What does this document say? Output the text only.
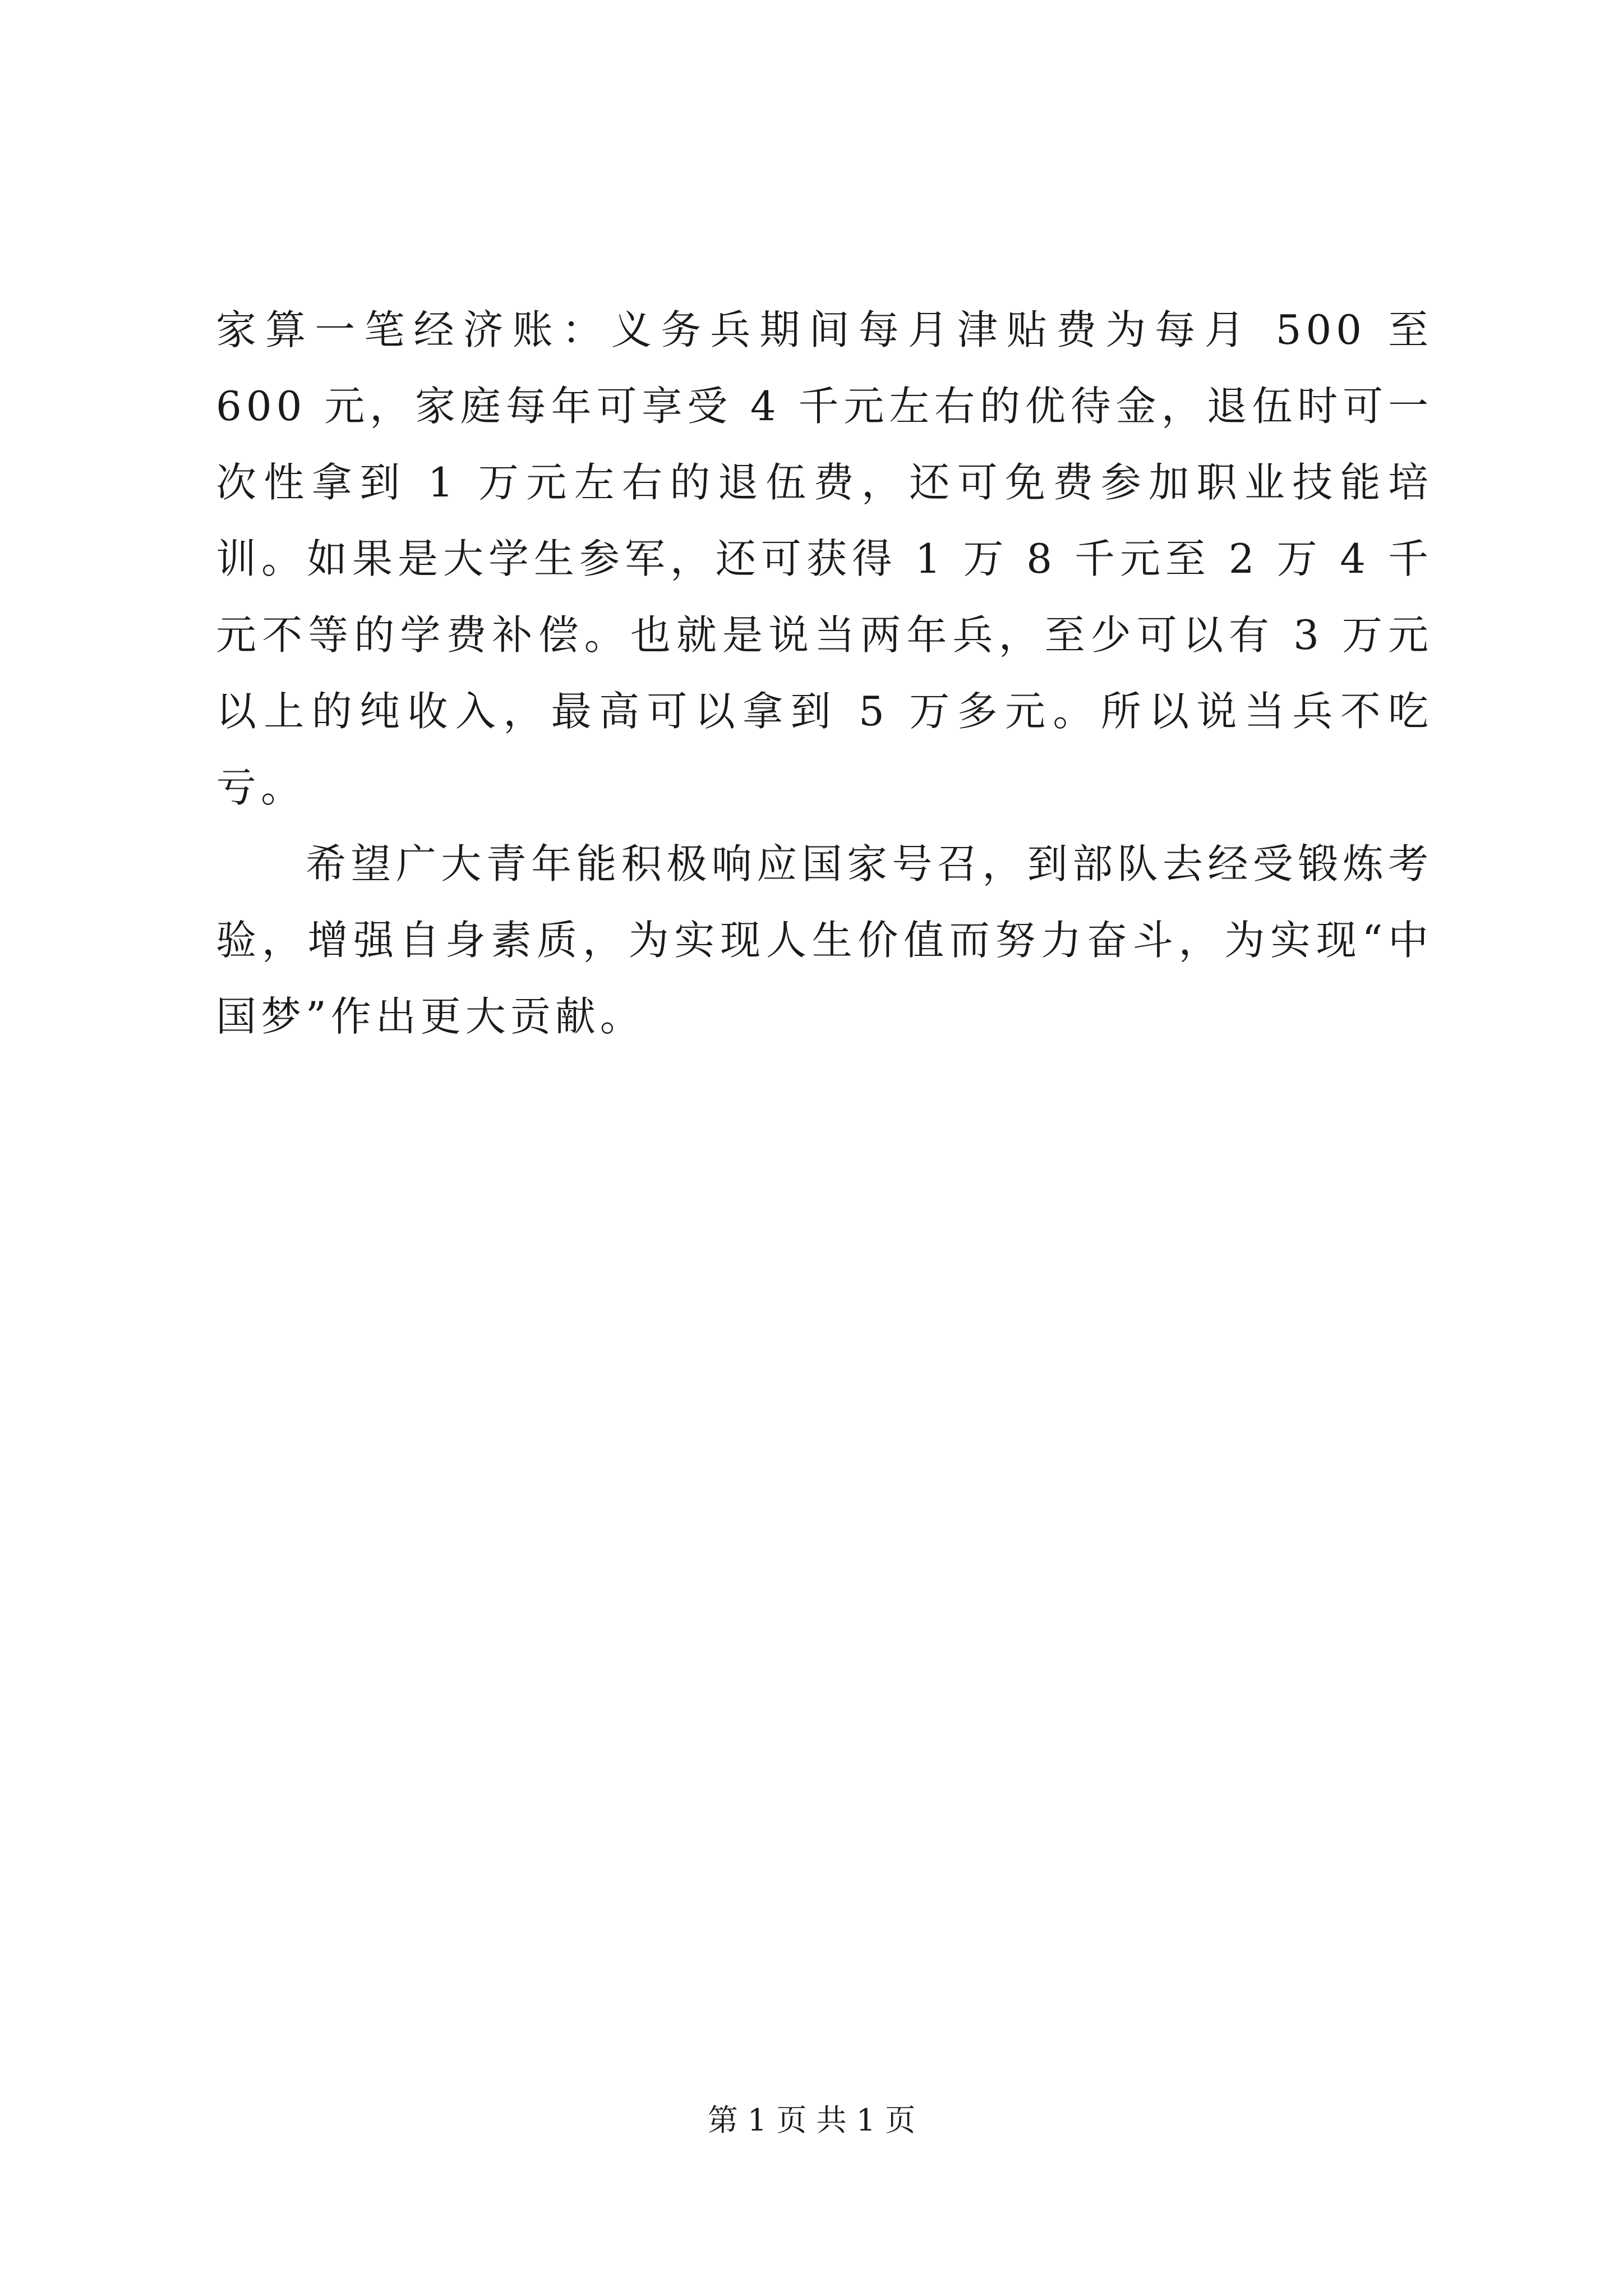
家算一笔经济账：义务兵期间每月津贴费为每月 500 至 600 元，家庭每年可享受 4 千元左右的优待金，退伍时可一次性拿到 1 万元左右的退伍费，还可免费参加职业技能培训。如果是大学生参军，还可获得 1 万 8 千元至 2 万 4 千元不等的学费补偿。也就是说当两年兵，至少可以有 3 万元以上的纯收入，最高可以拿到 5 万多元。所以说当兵不吃亏。

希望广大青年能积极响应国家号召，到部队去经受锻炼考验，增强自身素质，为实现人生价值而努力奋斗，为实现“中国梦”作出更大贡献。

第 1 页 共 1 页
